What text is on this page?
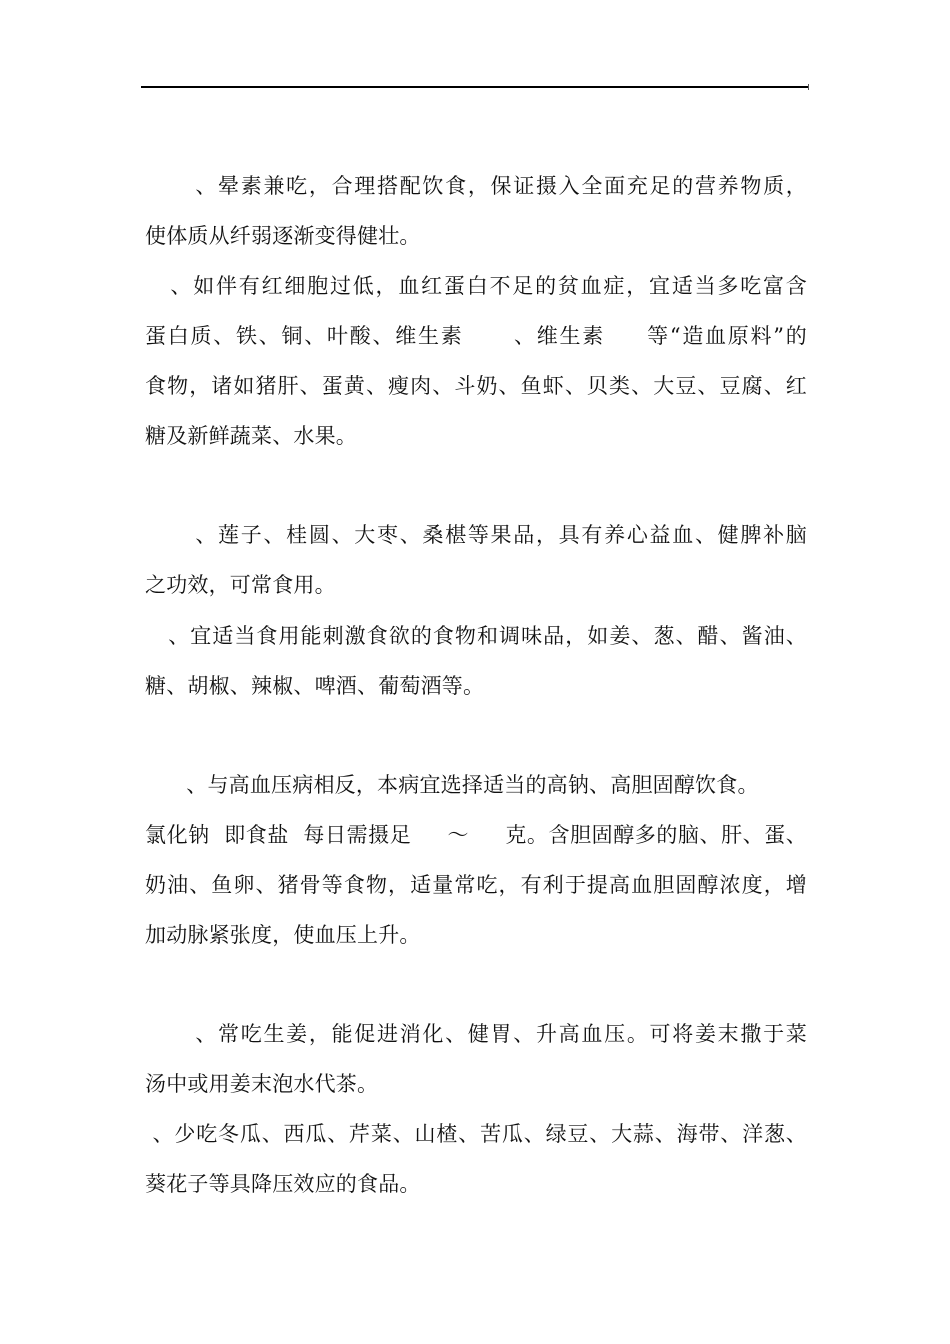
、晕素兼吃，合理搭配饮食，保证摄入全面充足的营养物质，
使体质从纤弱逐渐变得健壮。
、如伴有红细胞过低，血红蛋白不足的贫血症，宜适当多吃富含
蛋白质、铁、铜、叶酸、维生素      、维生素     等“造血原料”的
食物，诸如猪肝、蛋黄、瘦肉、斗奶、鱼虾、贝类、大豆、豆腐、红
糖及新鲜蔬菜、水果。
、莲子、桂圆、大枣、桑椹等果品，具有养心益血、健脾补脑
之功效，可常食用。
、宜适当食用能刺激食欲的食物和调味品，如姜、葱、醋、酱油、
糖、胡椒、辣椒、啤酒、葡萄酒等。
、与高血压病相反，本病宜选择适当的高钠、高胆固醇饮食。
氯化钠  即食盐  每日需摄足     ～     克。含胆固醇多的脑、肝、蛋、
奶油、鱼卵、猪骨等食物，适量常吃，有利于提高血胆固醇浓度，增
加动脉紧张度，使血压上升。
、常吃生姜，能促进消化、健胃、升高血压。可将姜末撒于菜
汤中或用姜末泡水代茶。
、少吃冬瓜、西瓜、芹菜、山楂、苦瓜、绿豆、大蒜、海带、洋葱、
葵花子等具降压效应的食品。
